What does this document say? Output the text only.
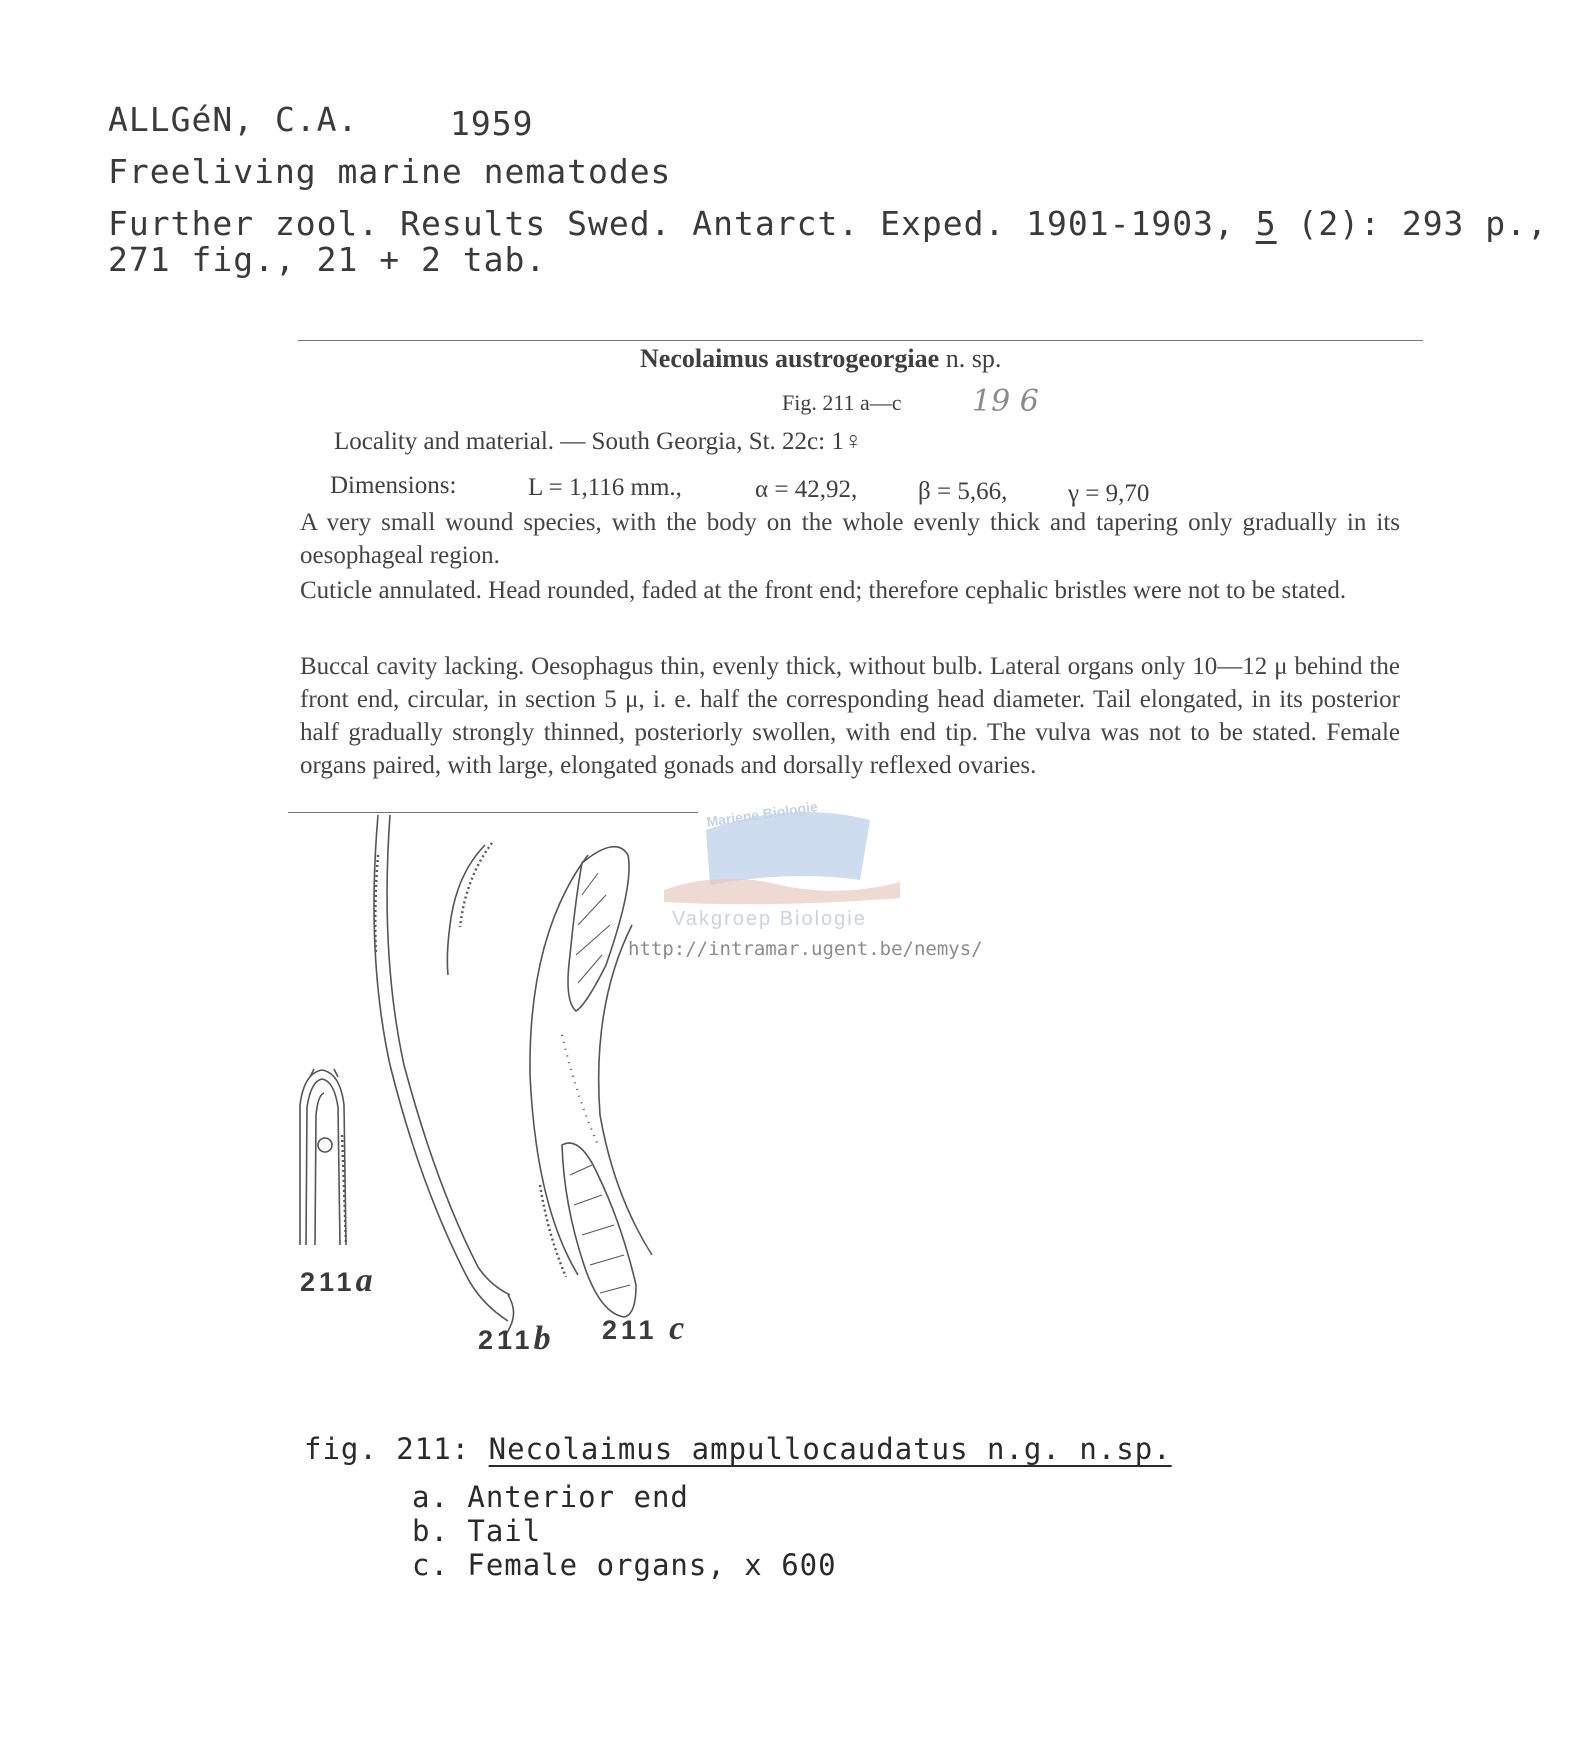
ALLGéN, C.A.	1959
Freeliving marine nematodes
Further zool. Results Swed. Antarct. Exped. 1901-1903, 5 (2): 293 p.,
271 fig., 21 + 2 tab.
Necolaimus austrogeorgiae n. sp.
Fig. 211 a—c 19 6
Locality and material. — South Georgia, St. 22c: 1♀
Dimensions:	L = 1,116 mm.,	α = 42,92, β = 5,66, γ = 9,70
A very small wound species, with the body on the whole evenly thick and tapering only gradually in its oesophageal region.
Cuticle annulated. Head rounded, faded at the front end; therefore cephalic bristles were not to be stated.
Buccal cavity lacking. Oesophagus thin, evenly thick, without bulb. Lateral organs only 10—12 μ behind the front end, circular, in section 5 μ, i. e. half the corresponding head diameter. Tail elongated, in its posterior half gradually strongly thinned, posteriorly swollen, with end tip. The vulva was not to be stated. Female organs paired, with large, elongated gonads and dorsally reflexed ovaries.
Mariene Biologie
Vakgroep Biologie
http://intramar.ugent.be/nemys/
211a
211b 211 c
fig. 211: Necolaimus ampullocaudatus n.g. n.sp.
a. Anterior end
b. Tail
c. Female organs, x 600
